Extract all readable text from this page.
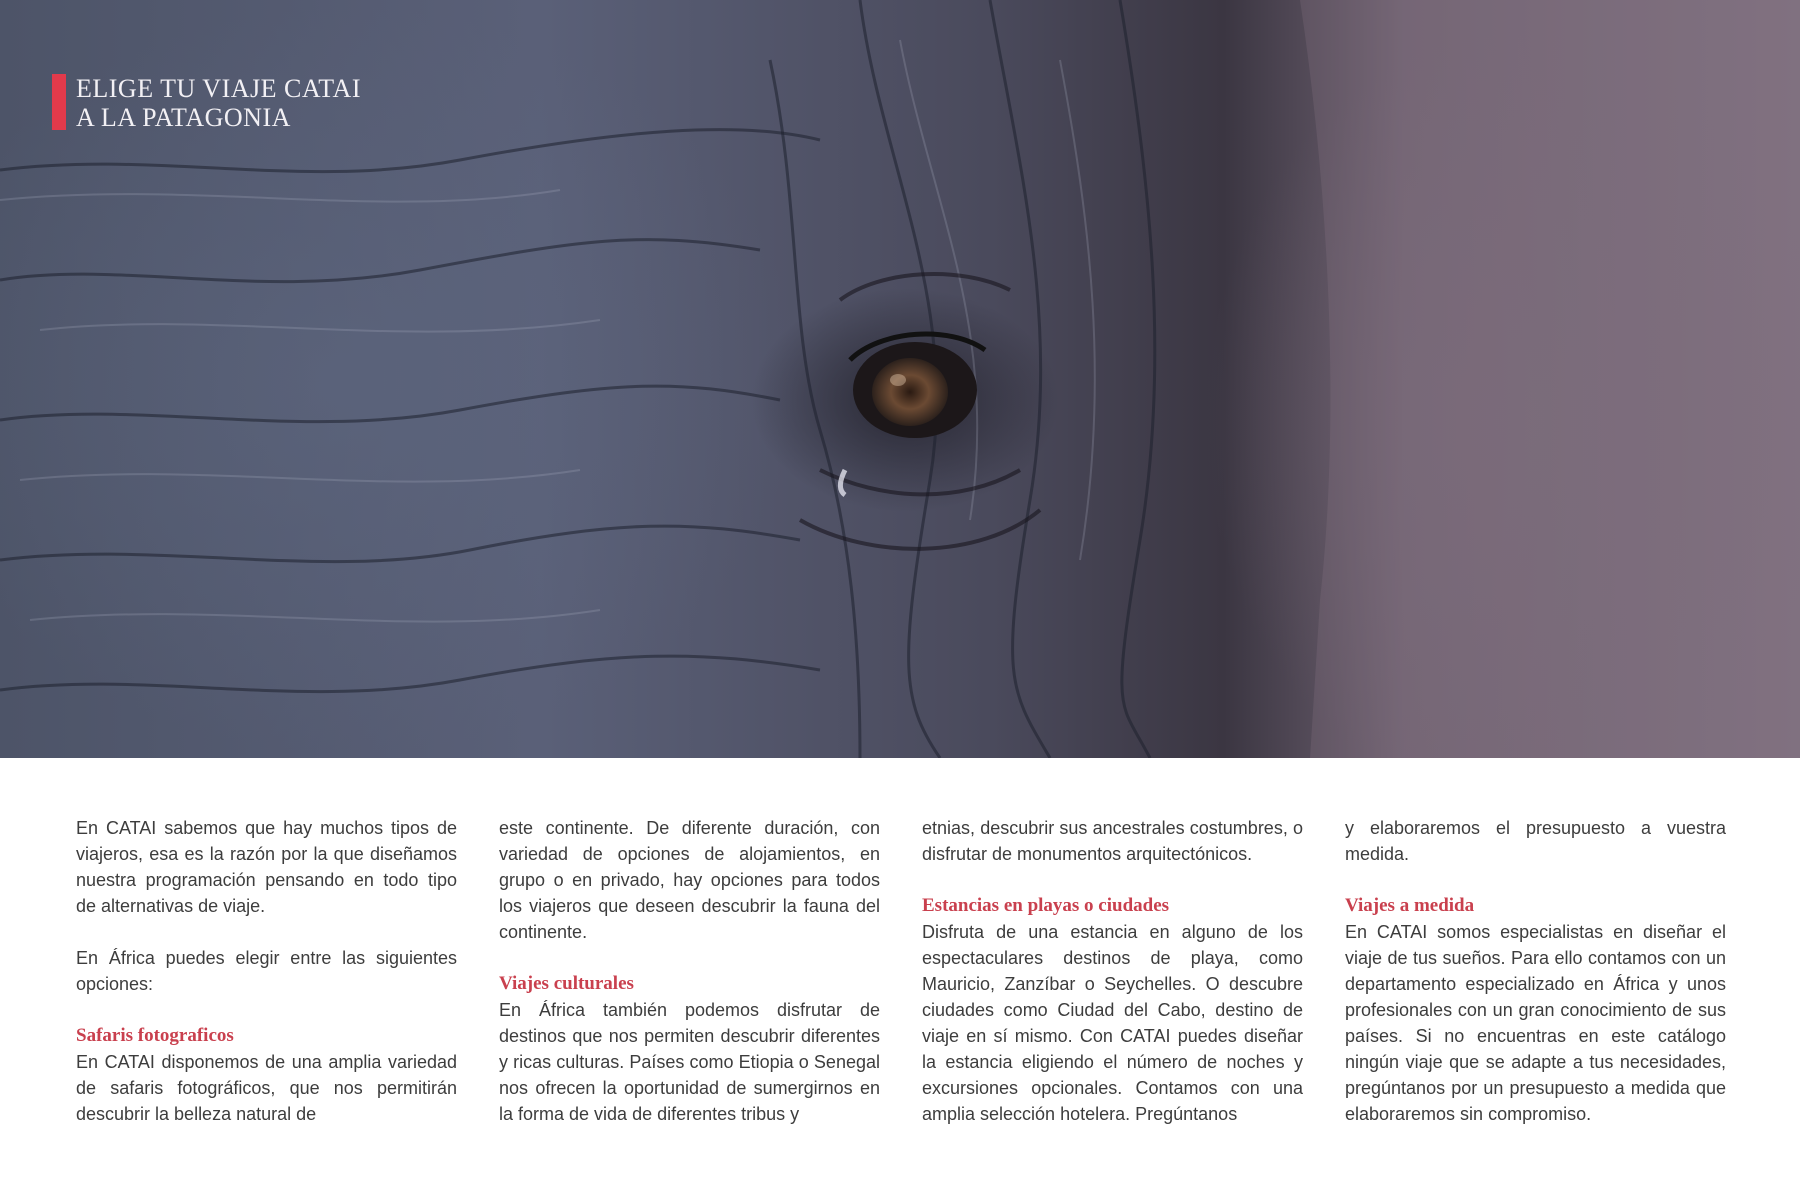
ELIGE TU VIAJE CATAI
A LA PATAGONIA

En CATAI sabemos que hay muchos tipos de viajeros, esa es la razón por la que diseñamos nuestra programación pensando en todo tipo de alternativas de viaje.

En África puedes elegir entre las siguientes opciones:

Safaris fotograficos

En CATAI disponemos de una amplia variedad de safaris fotográficos, que nos permitirán descubrir la belleza natural de

este continente. De diferente duración, con variedad de opciones de alojamientos, en grupo o en privado, hay opciones para todos los viajeros que deseen descubrir la fauna del continente.

Viajes culturales

En África también podemos disfrutar de destinos que nos permiten descubrir diferentes y ricas culturas. Países como Etiopia o Senegal nos ofrecen la oportunidad de sumergirnos en la forma de vida de diferentes tribus y

etnias, descubrir sus ancestrales costumbres, o disfrutar de monumentos arquitectónicos.

Estancias en playas o ciudades

Disfruta de una estancia en alguno de los espectaculares destinos de playa, como Mauricio, Zanzíbar o Seychelles. O descubre ciudades como Ciudad del Cabo, destino de viaje en sí mismo. Con CATAI puedes diseñar la estancia eligiendo el número de noches y excursiones opcionales. Contamos con una amplia selección hotelera. Pregúntanos

y elaboraremos el presupuesto a vuestra medida.

Viajes a medida

En CATAI somos especialistas en diseñar el viaje de tus sueños. Para ello contamos con un departamento especializado en África y unos profesionales con un gran conocimiento de sus países. Si no encuentras en este catálogo ningún viaje que se adapte a tus necesidades, pregúntanos por un presupuesto a medida que elaboraremos sin compromiso.
